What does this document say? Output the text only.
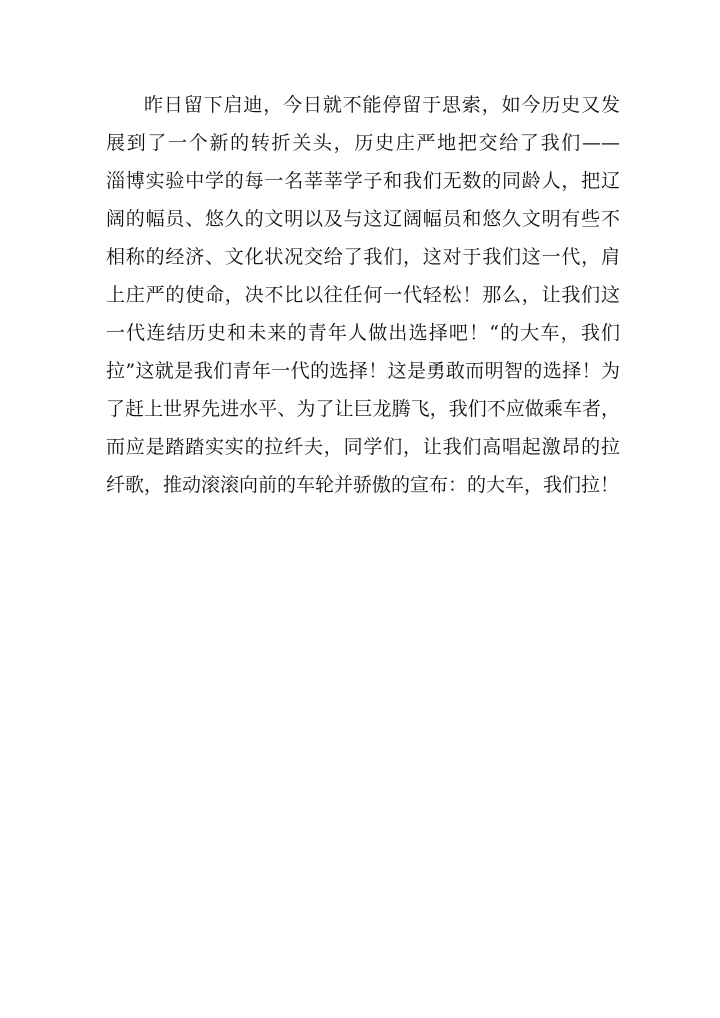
昨日留下启迪，今日就不能停留于思索，如今历史又发
展到了一个新的转折关头，历史庄严地把交给了我们——
淄博实验中学的每一名莘莘学子和我们无数的同龄人，把辽
阔的幅员、悠久的文明以及与这辽阔幅员和悠久文明有些不
相称的经济、文化状况交给了我们，这对于我们这一代，肩
上庄严的使命，决不比以往任何一代轻松！那么，让我们这
一代连结历史和未来的青年人做出选择吧！“的大车，我们
拉”这就是我们青年一代的选择！这是勇敢而明智的选择！为
了赶上世界先进水平、为了让巨龙腾飞，我们不应做乘车者，
而应是踏踏实实的拉纤夫，同学们，让我们高唱起激昂的拉
纤歌，推动滚滚向前的车轮并骄傲的宣布：的大车，我们拉！
